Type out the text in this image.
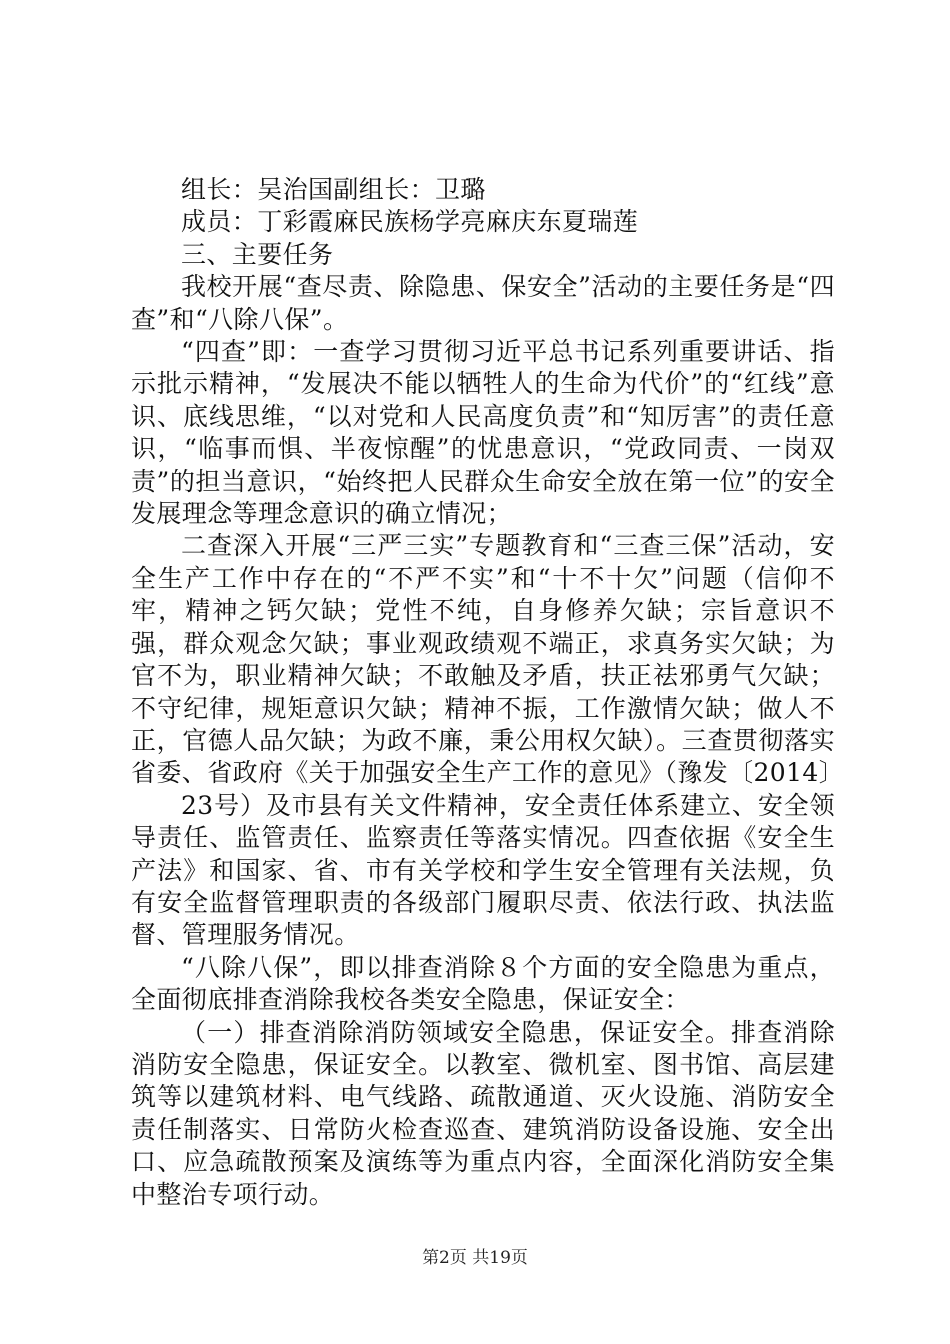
组长：吴治国副组长：卫璐

成员：丁彩霞麻民族杨学亮麻庆东夏瑞莲

三、主要任务

我校开展“查尽责、除隐患、保安全”活动的主要任务是“四查”和“八除八保”。

“四查”即：一查学习贯彻习近平总书记系列重要讲话、指示批示精神，“发展决不能以牺牲人的生命为代价”的“红线”意识、底线思维，“以对党和人民高度负责”和“知厉害”的责任意识，“临事而惧、半夜惊醒”的忧患意识，“党政同责、一岗双责”的担当意识，“始终把人民群众生命安全放在第一位”的安全发展理念等理念意识的确立情况；

二查深入开展“三严三实”专题教育和“三查三保”活动，安全生产工作中存在的“不严不实”和“十不十欠”问题（信仰不牢，精神之钙欠缺；党性不纯，自身修养欠缺；宗旨意识不强，群众观念欠缺；事业观政绩观不端正，求真务实欠缺；为官不为，职业精神欠缺；不敢触及矛盾，扶正祛邪勇气欠缺；不守纪律，规矩意识欠缺；精神不振，工作激情欠缺；做人不正，官德人品欠缺；为政不廉，秉公用权欠缺）。三查贯彻落实省委、省政府《关于加强安全生产工作的意见》（豫发〔2014〕

23号）及市县有关文件精神，安全责任体系建立、安全领导责任、监管责任、监察责任等落实情况。四查依据《安全生产法》和国家、省、市有关学校和学生安全管理有关法规，负有安全监督管理职责的各级部门履职尽责、依法行政、执法监督、管理服务情况。

“八除八保”，即以排查消除８个方面的安全隐患为重点，全面彻底排查消除我校各类安全隐患，保证安全：

（一）排查消除消防领域安全隐患，保证安全。排查消除消防安全隐患，保证安全。以教室、微机室、图书馆、高层建筑等以建筑材料、电气线路、疏散通道、灭火设施、消防安全责任制落实、日常防火检查巡查、建筑消防设备设施、安全出口、应急疏散预案及演练等为重点内容，全面深化消防安全集中整治专项行动。

第2页 共19页
